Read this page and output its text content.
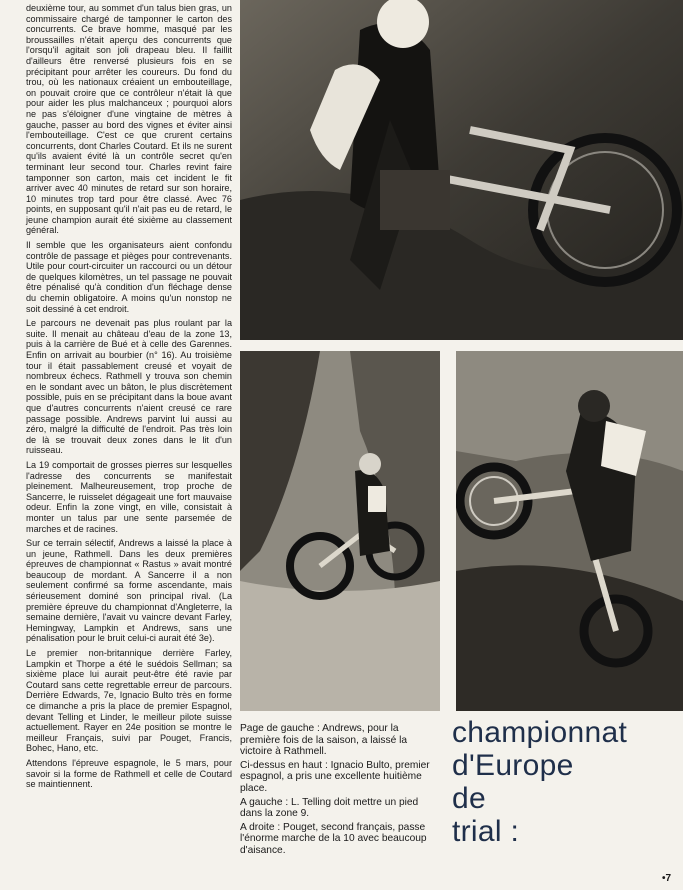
deuxième tour, au sommet d'un talus bien gras, un commissaire chargé de tamponner le carton des concurrents. Ce brave homme, masqué par les broussailles n'était aperçu des concurrents que l'orsqu'il agitait son joli drapeau bleu. Il faillit d'ailleurs être renversé plusieurs fois en se précipitant pour arrêter les coureurs. Du fond du trou, où les nationaux créaient un embouteillage, on pouvait croire que ce contrôleur n'était là que pour aider les plus malchanceux ; pourquoi alors ne pas s'éloigner d'une vingtaine de mètres à gauche, passer au bord des vignes et éviter ainsi l'embouteillage. C'est ce que crurent certains concurrents, dont Charles Coutard. Et ils ne surent qu'ils avaient évité là un contrôle secret qu'en terminant leur second tour. Charles revint faire tamponner son carton, mais cet incident le fit arriver avec 40 minutes de retard sur son horaire, 10 minutes trop tard pour être classé. Avec 76 points, en supposant qu'il n'ait pas eu de retard, le jeune champion aurait été sixième au classement général.

Il semble que les organisateurs aient confondu contrôle de passage et pièges pour contrevenants. Utile pour court-circuiter un raccourci ou un détour de quelques kilomètres, un tel passage ne pouvait être pénalisé qu'à condition d'un fléchage dense du chemin obligatoire. A moins qu'un nonstop ne soit dessiné à cet endroit.

Le parcours ne devenait pas plus roulant par la suite. Il menait au château d'eau de la zone 13, puis à la carrière de Bué et à celle des Garennes. Enfin on arrivait au bourbier (n° 16). Au troisième tour il était passablement creusé et voyait de nombreux échecs. Rathmell y trouva son chemin en le sondant avec un bâton, le plus discrètement possible, puis en se précipitant dans la boue avant que d'autres concurrents n'aient creusé ce rare passage possible. Andrews parvint lui aussi au zéro, malgré la difficulté de l'endroit. Pas très loin de là se trouvait deux zones dans le lit d'un ruisseau.

La 19 comportait de grosses pierres sur lesquelles l'adresse des concurrents se manifestait pleinement. Malheureusement, trop proche de Sancerre, le ruisselet dégageait une fort mauvaise odeur. Enfin la zone vingt, en ville, consistait à monter un talus par une sente parsemée de marches et de racines.

Sur ce terrain sélectif, Andrews a laissé la place à un jeune, Rathmell. Dans les deux premières épreuves de championnat « Rastus » avait montré beaucoup de mordant. A Sancerre il a non seulement confirmé sa forme ascendante, mais sérieusement dominé son principal rival. (La première épreuve du championnat d'Angleterre, la semaine dernière, l'avait vu vaincre devant Farley, Hemingway, Lampkin et Andrews, sans une pénalisation pour le bruit celui-ci aurait été 3e).

Le premier non-britannique derrière Farley, Lampkin et Thorpe a été le suédois Sellman; sa sixième place lui aurait peut-être été ravie par Coutard sans cette regrettable erreur de parcours. Derrière Edwards, 7e, Ignacio Bulto très en forme ce dimanche a pris la place de premier Espagnol, devant Telling et Linder, le meilleur pilote suisse actuellement. Rayer en 24e position se montre le meilleur Français, suivi par Pouget, Francis, Bohec, Hano, etc.

Attendons l'épreuve espagnole, le 5 mars, pour savoir si la forme de Rathmell et celle de Coutard se maintiennent.

Page de gauche : Andrews, pour la première fois de la saison, a laissé la victoire à Rathmell.

Ci-dessus en haut : Ignacio Bulto, premier espagnol, a pris une excellente huitième place.

A gauche : L. Telling doit mettre un pied dans la zone 9.

A droite : Pouget, second français, passe l'énorme marche de la 10 avec beaucoup d'aisance.

championnat
d'Europe
de
trial :
•7
